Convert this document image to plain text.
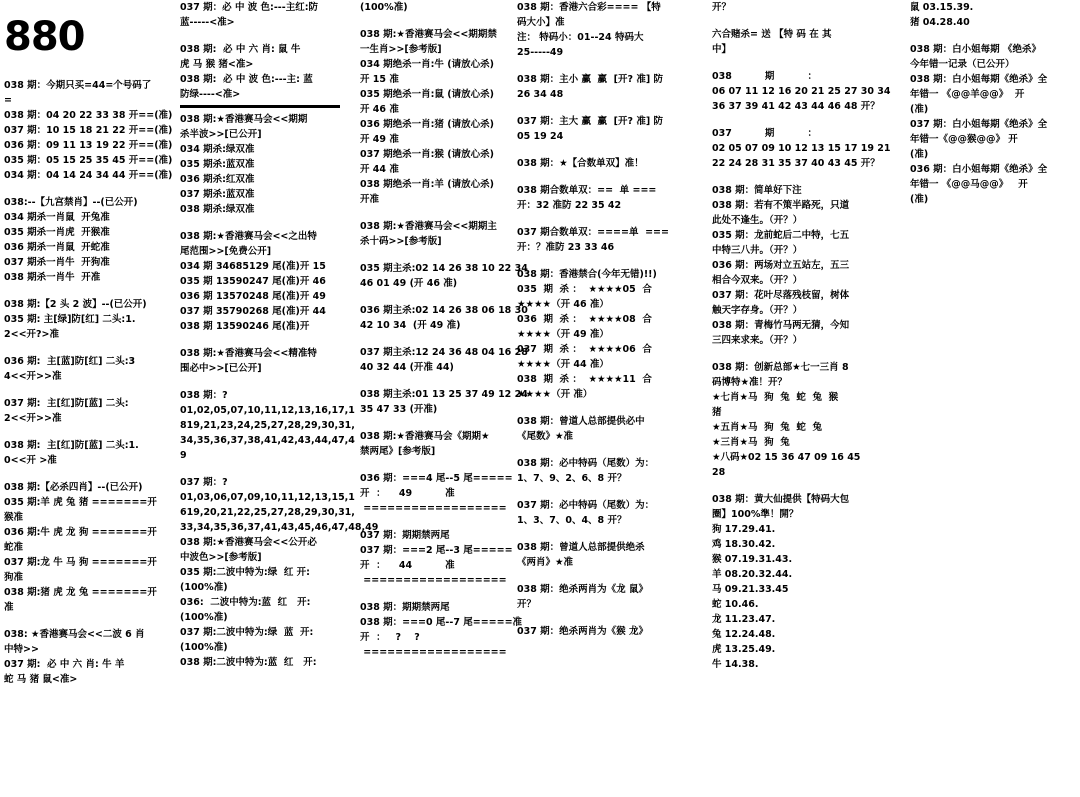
880
038 期：今期只买=44=个号码了
=
038 期：04 20 22 33 38 开==(准)
037 期：10 15 18 21 22 开==(准)
036 期：09 11 13 19 22 开==(准)
035 期：05 15 25 35 45 开==(准)
034 期：04 14 24 34 44 开==(准)
038:--【九宫禁肖】--(已公开)
034 期杀一肖鼠  开兔准
035 期杀一肖虎  开猴准
036 期杀一肖鼠  开蛇准
037 期杀一肖牛  开狗准
038 期杀一肖牛  开准
038 期:【2 头 2 波】--(已公开)
035 期: 主[绿]防[红] 二头:1.
2<<开?>准
036 期:  主[蓝]防[红] 二头:3
4<<开>>准
037 期:  主[红]防[蓝] 二头:
2<<开>>准
038 期:  主[红]防[蓝] 二头:1.
0<<开 >准
038 期:【必杀四肖】--(已公开)
035 期:羊 虎 兔 猪 =======开
猴准
036 期:牛 虎 龙 狗 =======开
蛇准
037 期:龙 牛 马 狗 =======开
狗准
038 期:猪 虎 龙 兔 =======开
准
038: ★香港赛马会<<二波 6 肖
中特>>
037 期:  必 中 六 肖: 牛 羊
蛇 马 猪 鼠<准>
037 期：必 中 波 色:---主红:防
蓝-----<准>
038 期:  必 中 六 肖: 鼠 牛
虎 马 猴 猪<准>
038 期:  必 中 波 色:---主: 蓝
防绿----<准>
038 期:★香港赛马会<<期期
杀半波>>[已公开]
034 期杀:绿双准
035 期杀:蓝双准
036 期杀:红双准
037 期杀:蓝双准
038 期杀:绿双准
038 期:★香港赛马会<<之出特
尾范围>>[免费公开]
034 期 34685129 尾(准)开 15
035 期 13590247 尾(准)开 46
036 期 13570248 尾(准)开 49
037 期 35790268 尾(准)开 44
038 期 13590246 尾(准)开
038 期:★香港赛马会<<精准特
围必中>>[已公开]
038 期：?
01,02,05,07,10,11,12,13,16,17,1
819,21,23,24,25,27,28,29,30,31,
34,35,36,37,38,41,42,43,44,47,4
9
037 期：?
01,03,06,07,09,10,11,12,13,15,1
619,20,21,22,25,27,28,29,30,31,
33,34,35,36,37,41,43,45,46,47,48,49
038 期:★香港赛马会<<公开必
中波色>>[参考版]
035 期:二波中特为:绿  红 开:
(100%准)
036:  二波中特为:蓝  红   开:
(100%准)
037 期:二波中特为:绿  蓝  开:
(100%准)
038 期:二波中特为:蓝  红   开:
(100%准)
038 期:★香港赛马会<<期期禁
一生肖>>[参考版]
034 期绝杀一肖:牛 (请放心杀)
开 15 准
035 期绝杀一肖:鼠 (请放心杀)
开 46 准
036 期绝杀一肖:猪 (请放心杀)
开 49 准
037 期绝杀一肖:猴 (请放心杀)
开 44 准
038 期绝杀一肖:羊 (请放心杀)
开准
038 期:★香港赛马会<<期期主
杀十码>>[参考版]
035 期主杀:02 14 26 38 10 22 34
46 01 49 (开 46 准)
036 期主杀:02 14 26 38 06 18 30
42 10 34  (开 49 准)
037 期主杀:12 24 36 48 04 16 28
40 32 44 (开准 44)
038 期主杀:01 13 25 37 49 12 24
35 47 33 (开准)
038 期:★香港赛马会《期期★
禁两尾》[参考版]
036 期：===4 尾--5 尾=====
开  ：    49          准
==================
037 期：期期禁两尾
037 期：===2 尾--3 尾=====
开  ：    44          准
==================
038 期：期期禁两尾
038 期：===0 尾--7 尾=====准
开  ：   ?    ?
==================
038 期：香港六合彩==== 【特
码大小】准
注： 特码小：01--24 特码大
25-----49
038 期：主小 赢  赢  [开? 准] 防
26 34 48
037 期：主大 赢  赢  [开? 准] 防
05 19 24
038 期：★【合数单双】准！
038 期合数单双：==  单 ===
开：32 准防 22 35 42
037 期合数单双：====单  ===
开：？准防 23 33 46
038 期：香港禁合(今年无错)!!)
035  期  杀 ：  ★★★★05  合
★★★★（开 46 准）
036  期  杀 ：  ★★★★08  合
★★★★（开 49 准）
037  期  杀 ：  ★★★★06  合
★★★★（开 44 准）
038  期  杀 ：  ★★★★11  合
★★★★（开 准）
038 期：曾道人总部提供必中
《尾数》★准
038 期：必中特码（尾数）为：
1、7、9、2、6、8 开？
037 期：必中特码（尾数）为：
1、3、7、0、4、8 开？
038 期：曾道人总部提供绝杀
《两肖》★准
038 期：绝杀两肖为《龙 鼠》
开？
037 期：绝杀两肖为《猴 龙》
开？
六合赌杀= 送 【特 码 在 其
中】
038          期          ：
06 07 11 12 16 20 21 25 27 30 34
36 37 39 41 42 43 44 46 48 开？
037          期          ：
02 05 07 09 10 12 13 15 17 19 21
22 24 28 31 35 37 40 43 45 开？
038 期：简单好下注
038 期：若有不策半路死，只道
此处不逢生。（开？）
035 期：龙前蛇后二中特，七五
中特三八井。（开？）
036 期：两场对立五站左，五三
相合今双来。（开？）
037 期：花叶尽落残枝留，树体
触天字存身。（开？）
038 期：青梅竹马两无猜，今知
三四来求来。（开？）
038 期：创新总部★七一三肖 8
码博特★准！开？
★七肖★马  狗  兔  蛇  兔  猴
猪
★五肖★马  狗  兔  蛇  兔
★三肖★马  狗  兔
★八码★02 15 36 47 09 16 45
28
038 期：黄大仙提供【特码大包
圈】100%準！開？
狗 17.29.41.
鸡 18.30.42.
猴 07.19.31.43.
羊 08.20.32.44.
马 09.21.33.45
蛇 10.46.
龙 11.23.47.
兔 12.24.48.
虎 13.25.49.
牛 14.38.
鼠 03.15.39.
猪 04.28.40
038 期：白小姐每期 《绝杀》
今年错一记录（已公开）
038 期：白小姐每期《绝杀》全
年错一 《@@羊@@》  开
(准)
037 期：白小姐每期《绝杀》全
年错一《@@猴@@》 开
(准)
036 期：白小姐每期《绝杀》全
年错一 《@@马@@》   开
(准)
